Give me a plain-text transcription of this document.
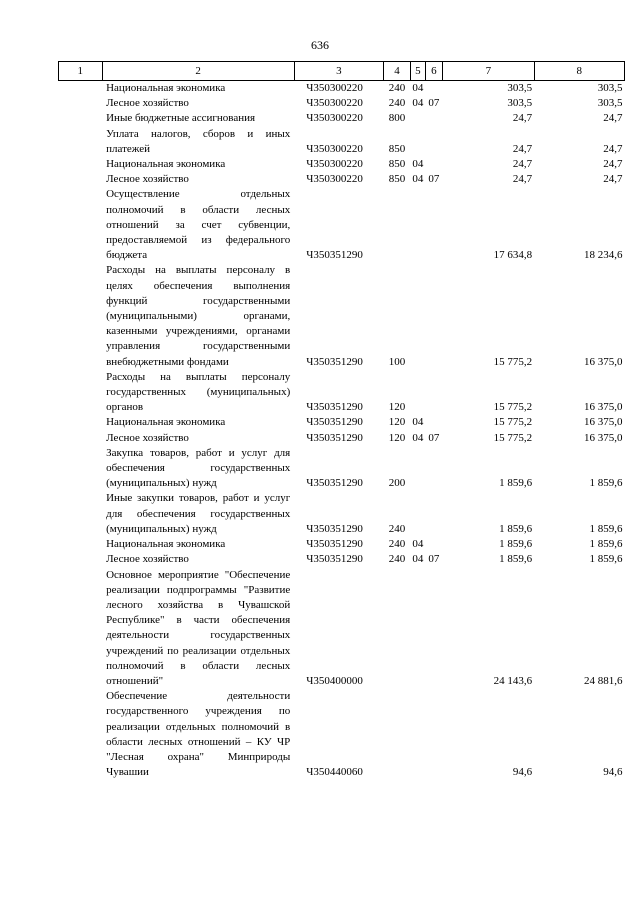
636
1	2	3	4	5	6	7	8
	Национальная экономика	Ч350300220	240	04		303,5	303,5
	Лесное хозяйство	Ч350300220	240	04	07	303,5	303,5
	Иные бюджетные ассигнования	Ч350300220	800			24,7	24,7
	Уплата налогов, сборов и иных платежей	Ч350300220	850			24,7	24,7
	Национальная экономика	Ч350300220	850	04		24,7	24,7
	Лесное хозяйство	Ч350300220	850	04	07	24,7	24,7
	Осуществление отдельных полномочий в области лесных отношений за счет субвенции, предоставляемой из федерального бюджета	Ч350351290				17 634,8	18 234,6
	Расходы на выплаты персоналу в целях обеспечения выполнения функций государственными (муниципальными) органами, казенными учреждениями, органами управления государственными внебюджетными фондами	Ч350351290	100			15 775,2	16 375,0
	Расходы на выплаты персоналу государственных (муниципальных) органов	Ч350351290	120			15 775,2	16 375,0
	Национальная экономика	Ч350351290	120	04		15 775,2	16 375,0
	Лесное хозяйство	Ч350351290	120	04	07	15 775,2	16 375,0
	Закупка товаров, работ и услуг для обеспечения государственных (муниципальных) нужд	Ч350351290	200			1 859,6	1 859,6
	Иные закупки товаров, работ и услуг для обеспечения государственных (муниципальных) нужд	Ч350351290	240			1 859,6	1 859,6
	Национальная экономика	Ч350351290	240	04		1 859,6	1 859,6
	Лесное хозяйство	Ч350351290	240	04	07	1 859,6	1 859,6
	Основное мероприятие "Обеспечение реализации подпрограммы "Развитие лесного хозяйства в Чувашской Республике" в части обеспечения деятельности государственных учреждений по реализации отдельных полномочий в области лесных отношений"	Ч350400000				24 143,6	24 881,6
	Обеспечение деятельности государственного учреждения по реализации отдельных полномочий в области лесных отношений – КУ ЧР "Лесная охрана" Минприроды Чувашии	Ч350440060				94,6	94,6
